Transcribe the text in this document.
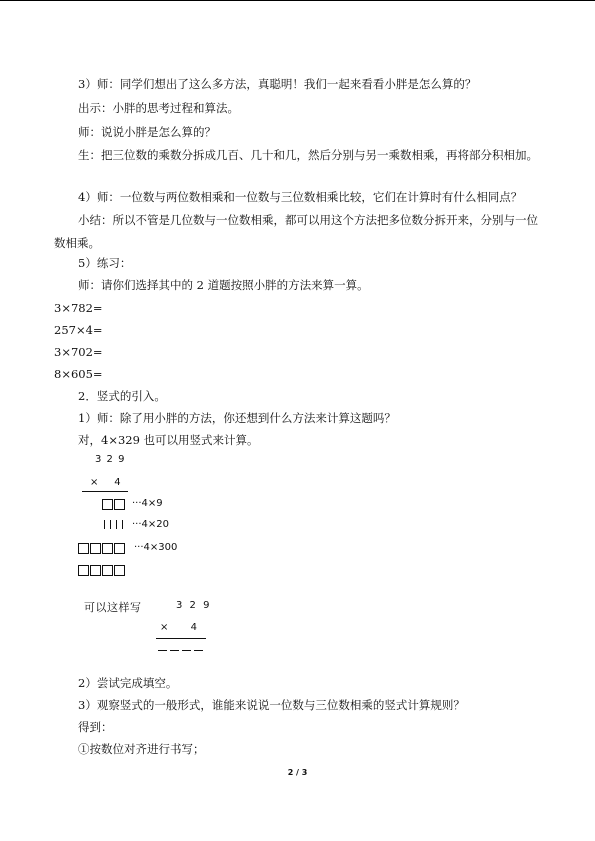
3）师：同学们想出了这么多方法，真聪明！我们一起来看看小胖是怎么算的？
出示：小胖的思考过程和算法。
师：说说小胖是怎么算的？
生：把三位数的乘数分拆成几百、几十和几，然后分别与另一乘数相乘，再将部分积相加。
4）师：一位数与两位数相乘和一位数与三位数相乘比较，它们在计算时有什么相同点？
小结：所以不管是几位数与一位数相乘，都可以用这个方法把多位数分拆开来，分别与一位数相乘。
5）练习：
师：请你们选择其中的 2 道题按照小胖的方法来算一算。
3×782=
257×4=
3×702=
8×605=
2．竖式的引入。
1）师：除了用小胖的方法，你还想到什么方法来计算这题吗？
对，4×329 也可以用竖式来计算。
3 2 9
×     4
···4×9
···4×20
···4×300
可以这样写	3 2 9
×       4
2）尝试完成填空。
3）观察竖式的一般形式，谁能来说说一位数与三位数相乘的竖式计算规则？
得到：
①按数位对齐进行书写；
2 / 3
